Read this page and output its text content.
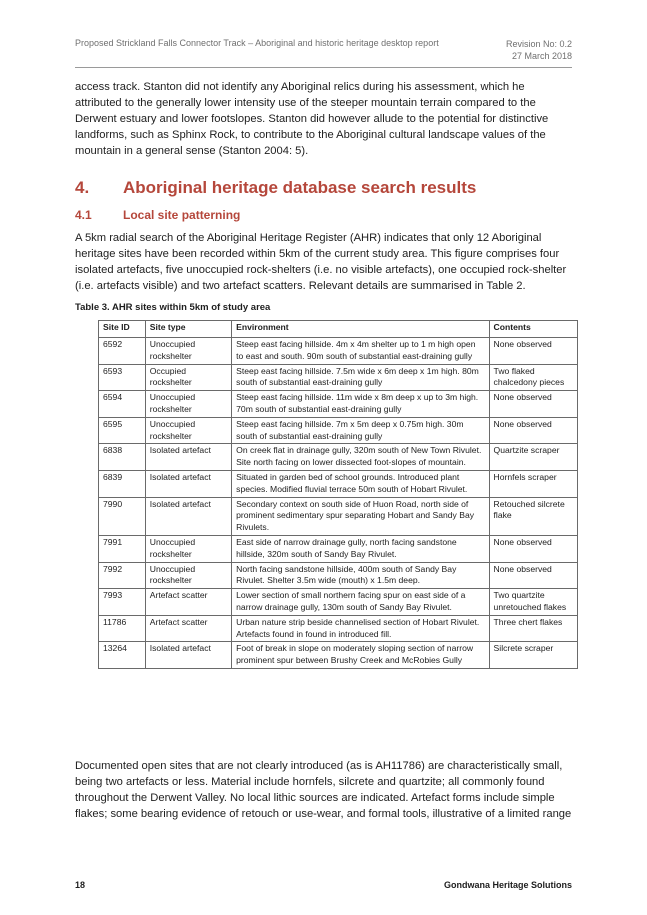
Proposed Strickland Falls Connector Track – Aboriginal and historic heritage desktop report	Revision No: 0.2
27 March 2018

access track. Stanton did not identify any Aboriginal relics during his assessment, which he attributed to the generally lower intensity use of the steeper mountain terrain compared to the Derwent estuary and lower footslopes. Stanton did however allude to the potential for distinctive landforms, such as Sphinx Rock, to contribute to the Aboriginal cultural landscape values of the mountain in a general sense (Stanton 2004: 5).

4. Aboriginal heritage database search results
4.1	Local site patterning

A 5km radial search of the Aboriginal Heritage Register (AHR) indicates that only 12 Aboriginal heritage sites have been recorded within 5km of the current study area. This figure comprises four isolated artefacts, five unoccupied rock-shelters (i.e. no visible artefacts), one occupied rock-shelter (i.e. artefacts visible) and two artefact scatters. Relevant details are summarised in Table 2.

Table 3. AHR sites within 5km of study area

Site ID	Site type	Environment	Contents
6592	Unoccupied rockshelter	Steep east facing hillside. 4m x 4m shelter up to 1 m high open to east and south. 90m south of substantial east-draining gully	None observed
6593	Occupied rockshelter	Steep east facing hillside. 7.5m wide x 6m deep x 1m high. 80m south of substantial east-draining gully	Two flaked chalcedony pieces
6594	Unoccupied rockshelter	Steep east facing hillside. 11m wide x 8m deep x up to 3m high. 70m south of substantial east-draining gully	None observed
6595	Unoccupied rockshelter	Steep east facing hillside. 7m x 5m deep x 0.75m high. 30m south of substantial east-draining gully	None observed
6838	Isolated artefact	On creek flat in drainage gully, 320m south of New Town Rivulet. Site north facing on lower dissected foot-slopes of mountain.	Quartzite scraper
6839	Isolated artefact	Situated in garden bed of school grounds. Introduced plant species. Modified fluvial terrace 50m south of Hobart Rivulet.	Hornfels scraper
7990	Isolated artefact	Secondary context on south side of Huon Road, north side of prominent sedimentary spur separating Hobart and Sandy Bay Rivulets.	Retouched silcrete flake
7991	Unoccupied rockshelter	East side of narrow drainage gully, north facing sandstone hillside, 320m south of Sandy Bay Rivulet.	None observed
7992	Unoccupied rockshelter	North facing sandstone hillside, 400m south of Sandy Bay Rivulet. Shelter 3.5m wide (mouth) x 1.5m deep.	None observed
7993	Artefact scatter	Lower section of small northern facing spur on east side of a narrow drainage gully, 130m south of Sandy Bay Rivulet.	Two quartzite unretouched flakes
11786	Artefact scatter	Urban nature strip beside channelised section of Hobart Rivulet. Artefacts found in found in introduced fill.	Three chert flakes
13264	Isolated artefact	Foot of break in slope on moderately sloping section of narrow prominent spur between Brushy Creek and McRobies Gully	Silcrete scraper

Documented open sites that are not clearly introduced (as is AH11786) are characteristically small, being two artefacts or less. Material include hornfels, silcrete and quartzite; all commonly found throughout the Derwent Valley. No local lithic sources are indicated. Artefact forms include simple flakes; some bearing evidence of retouch or use-wear, and formal tools, illustrative of a limited range

18	Gondwana Heritage Solutions
